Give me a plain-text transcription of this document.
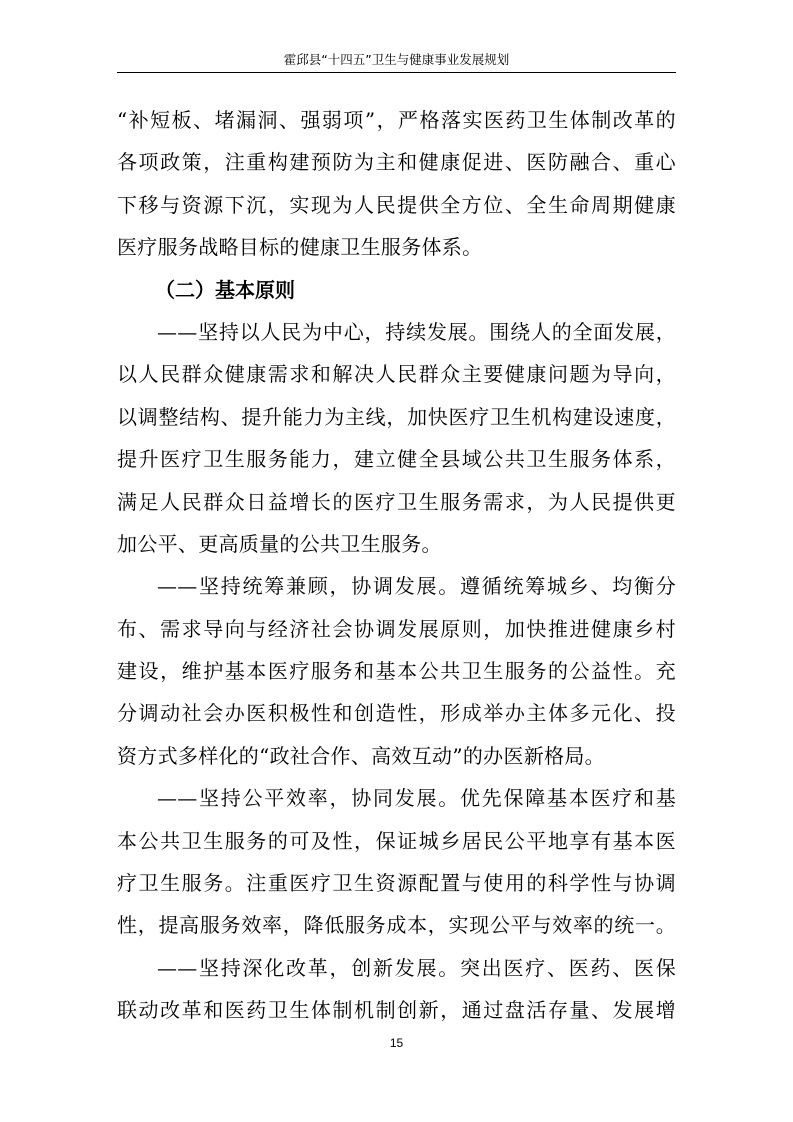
霍邱县“十四五”卫生与健康事业发展规划
“补短板、堵漏洞、强弱项”，严格落实医药卫生体制改革的
各项政策，注重构建预防为主和健康促进、医防融合、重心
下移与资源下沉，实现为人民提供全方位、全生命周期健康
医疗服务战略目标的健康卫生服务体系。
（二）基本原则
——坚持以人民为中心，持续发展。围绕人的全面发展，
以人民群众健康需求和解决人民群众主要健康问题为导向，
以调整结构、提升能力为主线，加快医疗卫生机构建设速度，
提升医疗卫生服务能力，建立健全县域公共卫生服务体系，
满足人民群众日益增长的医疗卫生服务需求，为人民提供更
加公平、更高质量的公共卫生服务。
——坚持统筹兼顾，协调发展。遵循统筹城乡、均衡分
布、需求导向与经济社会协调发展原则，加快推进健康乡村
建设，维护基本医疗服务和基本公共卫生服务的公益性。充
分调动社会办医积极性和创造性，形成举办主体多元化、投
资方式多样化的“政社合作、高效互动”的办医新格局。
——坚持公平效率，协同发展。优先保障基本医疗和基
本公共卫生服务的可及性，保证城乡居民公平地享有基本医
疗卫生服务。注重医疗卫生资源配置与使用的科学性与协调
性，提高服务效率，降低服务成本，实现公平与效率的统一。
——坚持深化改革，创新发展。突出医疗、医药、医保
联动改革和医药卫生体制机制创新，通过盘活存量、发展增
15
